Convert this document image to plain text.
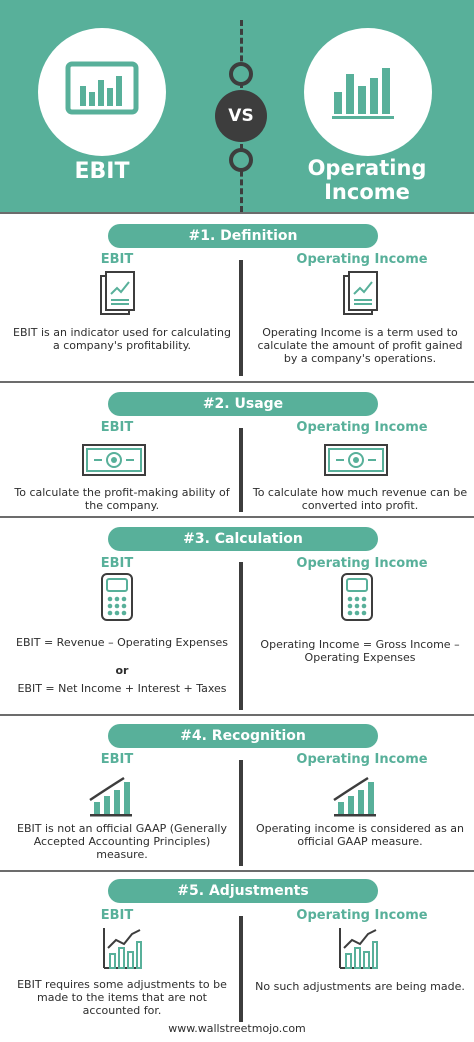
EBIT	Operating
Income
VS
#1. Definition
EBIT	Operating Income
EBIT is an indicator used for calculating a company's profitability.
Operating Income is a term used to calculate the amount of profit gained by a company's operations.
#2. Usage
EBIT	Operating Income
To calculate the profit-making ability of the company.
To calculate how much revenue can be converted into profit.
#3. Calculation
EBIT	Operating Income
EBIT = Revenue – Operating Expenses
or
EBIT = Net Income + Interest + Taxes
Operating Income = Gross Income – Operating Expenses
#4. Recognition
EBIT	Operating Income
EBIT is not an official GAAP (Generally Accepted Accounting Principles) measure.
Operating income is considered as an official GAAP measure.
#5. Adjustments
EBIT	Operating Income
EBIT requires some adjustments to be made to the items that are not accounted for.
No such adjustments are being made.
www.wallstreetmojo.com
